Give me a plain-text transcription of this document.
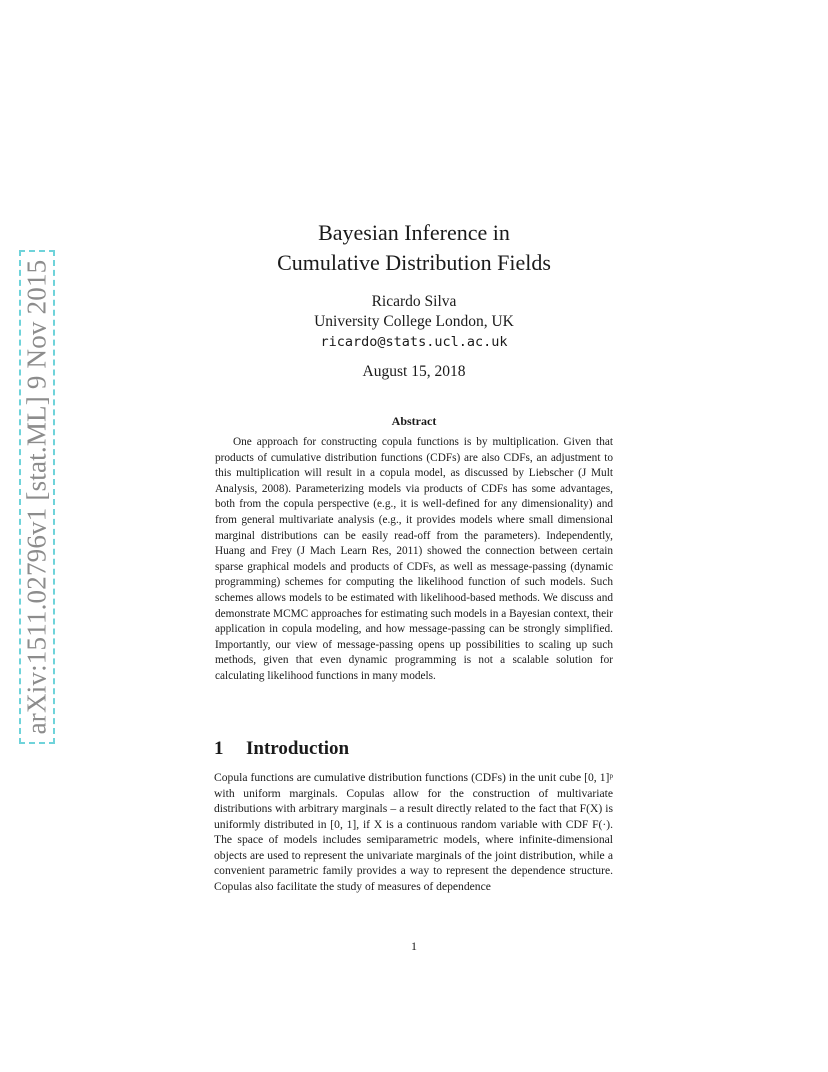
arXiv:1511.02796v1 [stat.ML] 9 Nov 2015
Bayesian Inference in
Cumulative Distribution Fields
Ricardo Silva
University College London, UK
ricardo@stats.ucl.ac.uk
August 15, 2018
Abstract

One approach for constructing copula functions is by multiplication. Given that products of cumulative distribution functions (CDFs) are also CDFs, an adjustment to this multiplication will result in a copula model, as discussed by Liebscher (J Mult Analysis, 2008). Parameterizing models via products of CDFs has some advantages, both from the copula perspective (e.g., it is well-defined for any dimensionality) and from general multivariate analysis (e.g., it provides models where small dimensional marginal distributions can be easily read-off from the parameters). Independently, Huang and Frey (J Mach Learn Res, 2011) showed the connection between certain sparse graphical models and products of CDFs, as well as message-passing (dynamic programming) schemes for computing the likelihood function of such models. Such schemes allows models to be estimated with likelihood-based methods. We discuss and demonstrate MCMC approaches for estimating such models in a Bayesian context, their application in copula modeling, and how message-passing can be strongly simplified. Importantly, our view of message-passing opens up possibilities to scaling up such methods, given that even dynamic programming is not a scalable solution for calculating likelihood functions in many models.

1 Introduction

Copula functions are cumulative distribution functions (CDFs) in the unit cube [0, 1]ᵖ with uniform marginals. Copulas allow for the construction of multivariate distributions with arbitrary marginals – a result directly related to the fact that F(X) is uniformly distributed in [0, 1], if X is a continuous random variable with CDF F(·). The space of models includes semiparametric models, where infinite-dimensional objects are used to represent the univariate marginals of the joint distribution, while a convenient parametric family provides a way to represent the dependence structure. Copulas also facilitate the study of measures of dependence

1
